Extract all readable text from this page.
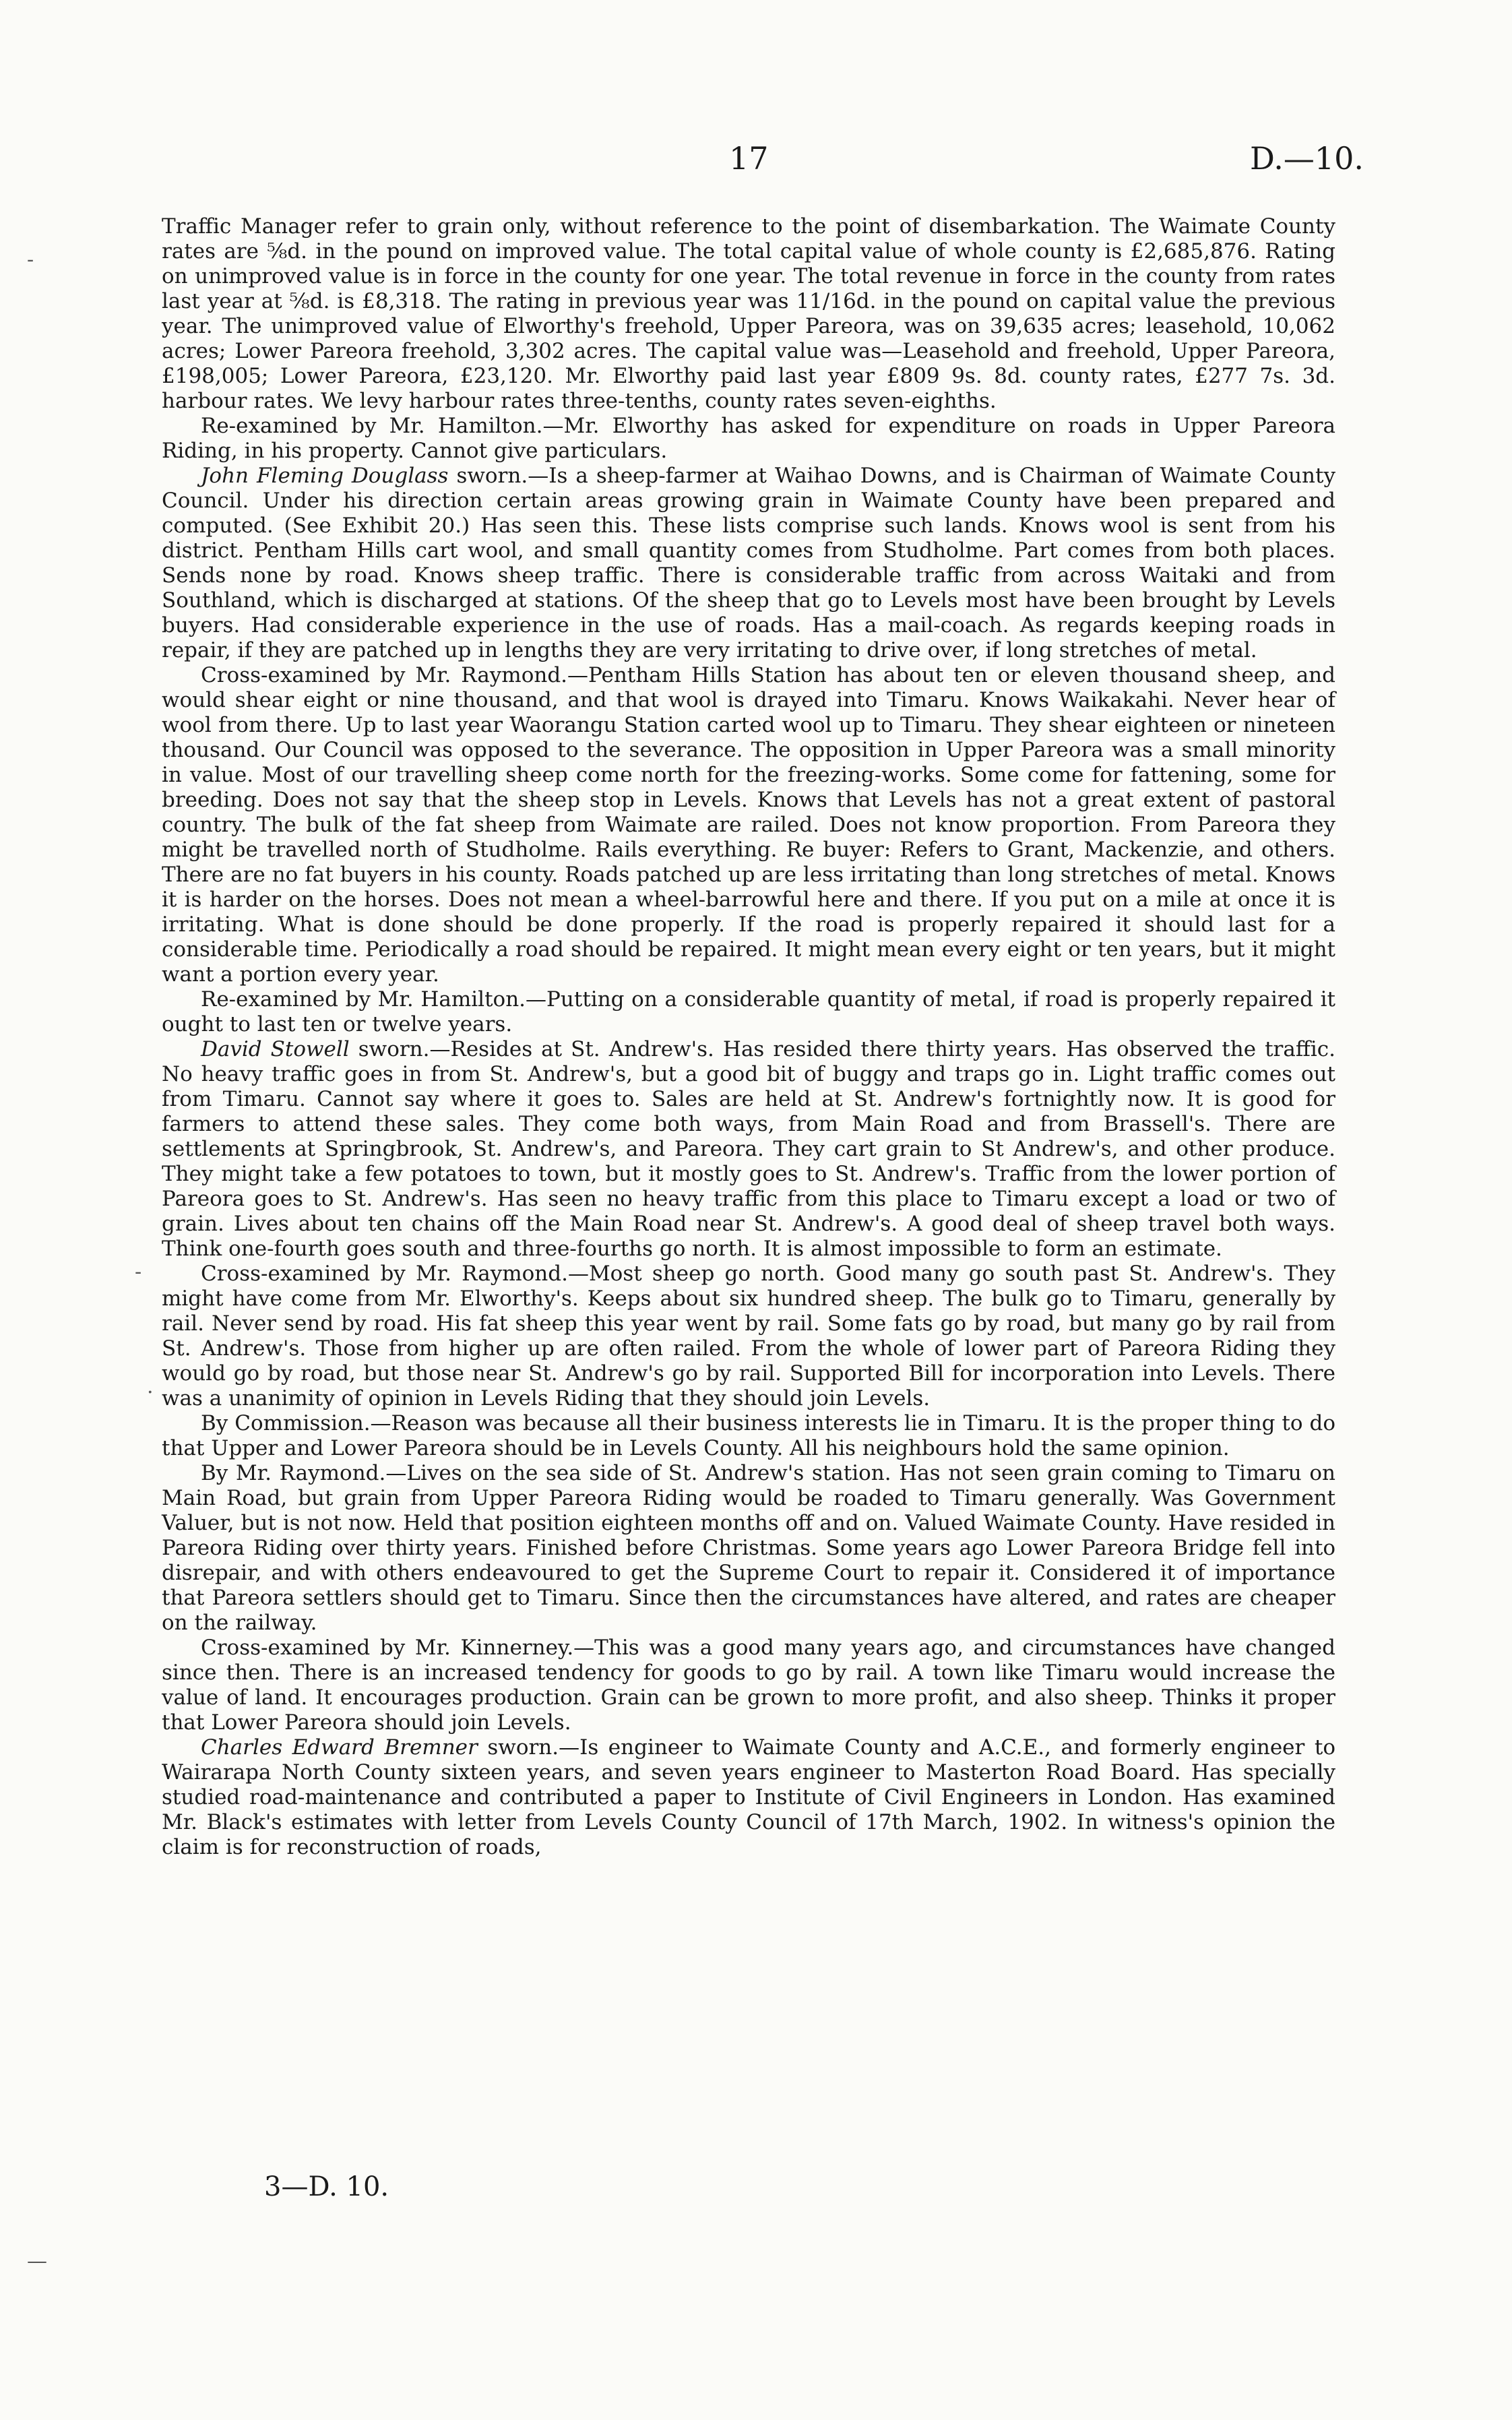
17	D.—10.

Traffic Manager refer to grain only, without reference to the point of disembarkation. The Waimate County rates are ⅝d. in the pound on improved value. The total capital value of whole county is £2,685,876. Rating on unimproved value is in force in the county for one year. The total revenue in force in the county from rates last year at ⅝d. is £8,318. The rating in previous year was 11/16d. in the pound on capital value the previous year. The unimproved value of Elworthy's freehold, Upper Pareora, was on 39,635 acres; leasehold, 10,062 acres; Lower Pareora freehold, 3,302 acres. The capital value was—Leasehold and freehold, Upper Pareora, £198,005; Lower Pareora, £23,120. Mr. Elworthy paid last year £809 9s. 8d. county rates, £277 7s. 3d. harbour rates. We levy harbour rates three-tenths, county rates seven-eighths.

Re-examined by Mr. Hamilton.—Mr. Elworthy has asked for expenditure on roads in Upper Pareora Riding, in his property. Cannot give particulars.

John Fleming Douglass sworn.—Is a sheep-farmer at Waihao Downs, and is Chairman of Waimate County Council. Under his direction certain areas growing grain in Waimate County have been prepared and computed. (See Exhibit 20.) Has seen this. These lists comprise such lands. Knows wool is sent from his district. Pentham Hills cart wool, and small quantity comes from Studholme. Part comes from both places. Sends none by road. Knows sheep traffic. There is considerable traffic from across Waitaki and from Southland, which is discharged at stations. Of the sheep that go to Levels most have been brought by Levels buyers. Had considerable experience in the use of roads. Has a mail-coach. As regards keeping roads in repair, if they are patched up in lengths they are very irritating to drive over, if long stretches of metal.

Cross-examined by Mr. Raymond.—Pentham Hills Station has about ten or eleven thousand sheep, and would shear eight or nine thousand, and that wool is drayed into Timaru. Knows Waikakahi. Never hear of wool from there. Up to last year Waorangu Station carted wool up to Timaru. They shear eighteen or nineteen thousand. Our Council was opposed to the severance. The opposition in Upper Pareora was a small minority in value. Most of our travelling sheep come north for the freezing-works. Some come for fattening, some for breeding. Does not say that the sheep stop in Levels. Knows that Levels has not a great extent of pastoral country. The bulk of the fat sheep from Waimate are railed. Does not know proportion. From Pareora they might be travelled north of Studholme. Rails everything. Re buyer: Refers to Grant, Mackenzie, and others. There are no fat buyers in his county. Roads patched up are less irritating than long stretches of metal. Knows it is harder on the horses. Does not mean a wheel-barrowful here and there. If you put on a mile at once it is irritating. What is done should be done properly. If the road is properly repaired it should last for a considerable time. Periodically a road should be repaired. It might mean every eight or ten years, but it might want a portion every year.

Re-examined by Mr. Hamilton.—Putting on a considerable quantity of metal, if road is properly repaired it ought to last ten or twelve years.

David Stowell sworn.—Resides at St. Andrew's. Has resided there thirty years. Has observed the traffic. No heavy traffic goes in from St. Andrew's, but a good bit of buggy and traps go in. Light traffic comes out from Timaru. Cannot say where it goes to. Sales are held at St. Andrew's fortnightly now. It is good for farmers to attend these sales. They come both ways, from Main Road and from Brassell's. There are settlements at Springbrook, St. Andrew's, and Pareora. They cart grain to St Andrew's, and other produce. They might take a few potatoes to town, but it mostly goes to St. Andrew's. Traffic from the lower portion of Pareora goes to St. Andrew's. Has seen no heavy traffic from this place to Timaru except a load or two of grain. Lives about ten chains off the Main Road near St. Andrew's. A good deal of sheep travel both ways. Think one-fourth goes south and three-fourths go north. It is almost impossible to form an estimate.

Cross-examined by Mr. Raymond.—Most sheep go north. Good many go south past St. Andrew's. They might have come from Mr. Elworthy's. Keeps about six hundred sheep. The bulk go to Timaru, generally by rail. Never send by road. His fat sheep this year went by rail. Some fats go by road, but many go by rail from St. Andrew's. Those from higher up are often railed. From the whole of lower part of Pareora Riding they would go by road, but those near St. Andrew's go by rail. Supported Bill for incorporation into Levels. There was a unanimity of opinion in Levels Riding that they should join Levels.

By Commission.—Reason was because all their business interests lie in Timaru. It is the proper thing to do that Upper and Lower Pareora should be in Levels County. All his neighbours hold the same opinion.

By Mr. Raymond.—Lives on the sea side of St. Andrew's station. Has not seen grain coming to Timaru on Main Road, but grain from Upper Pareora Riding would be roaded to Timaru generally. Was Government Valuer, but is not now. Held that position eighteen months off and on. Valued Waimate County. Have resided in Pareora Riding over thirty years. Finished before Christmas. Some years ago Lower Pareora Bridge fell into disrepair, and with others endeavoured to get the Supreme Court to repair it. Considered it of importance that Pareora settlers should get to Timaru. Since then the circumstances have altered, and rates are cheaper on the railway.

Cross-examined by Mr. Kinnerney.—This was a good many years ago, and circumstances have changed since then. There is an increased tendency for goods to go by rail. A town like Timaru would increase the value of land. It encourages production. Grain can be grown to more profit, and also sheep. Thinks it proper that Lower Pareora should join Levels.

Charles Edward Bremner sworn.—Is engineer to Waimate County and A.C.E., and formerly engineer to Wairarapa North County sixteen years, and seven years engineer to Masterton Road Board. Has specially studied road-maintenance and contributed a paper to Institute of Civil Engineers in London. Has examined Mr. Black's estimates with letter from Levels County Council of 17th March, 1902. In witness's opinion the claim is for reconstruction of roads,

3—D. 10.
-
-
.
—
